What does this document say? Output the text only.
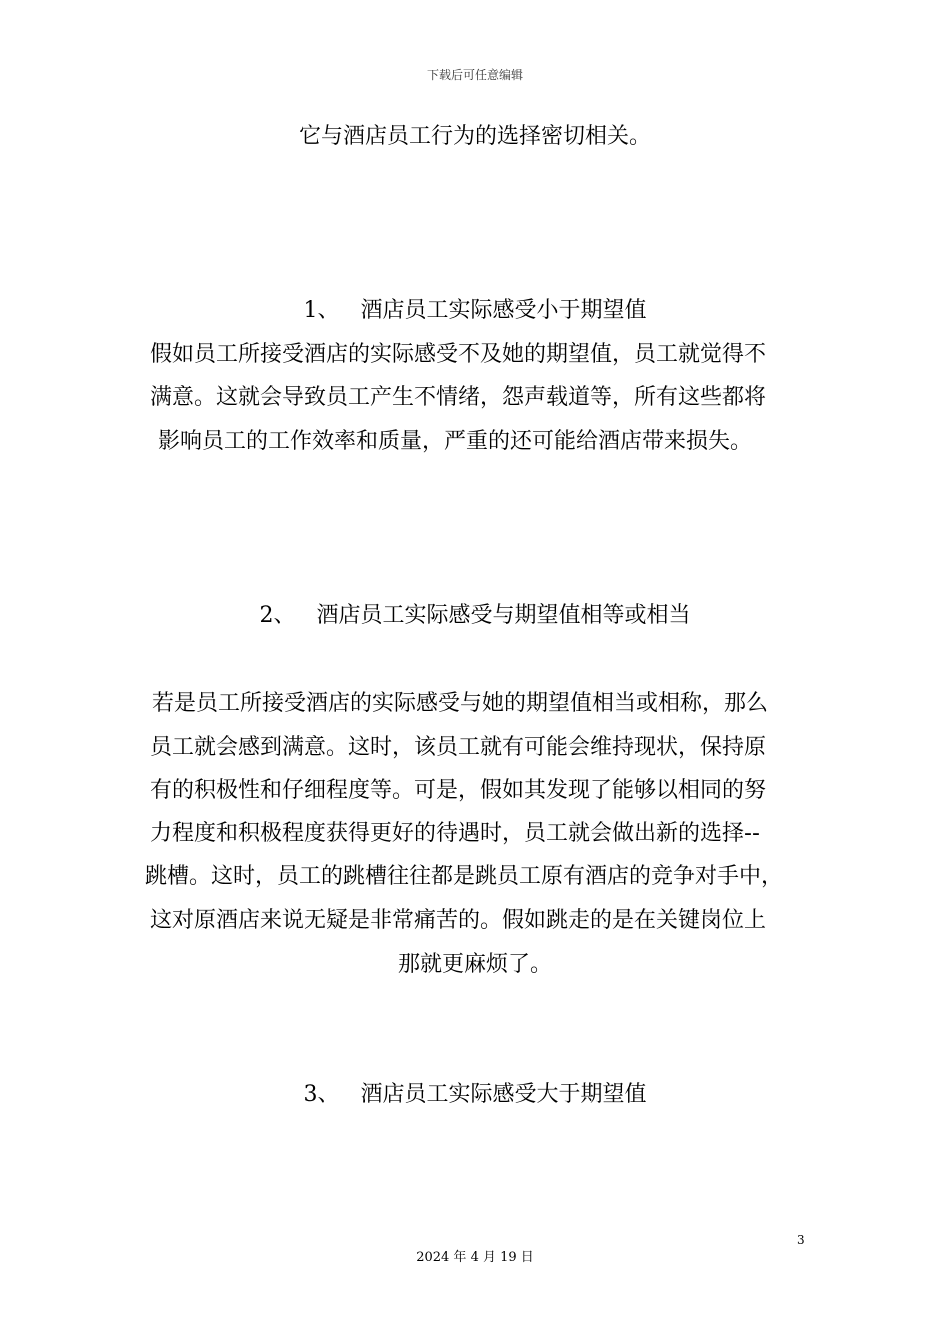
下载后可任意编辑
它与酒店员工行为的选择密切相关。
1、 酒店员工实际感受小于期望值
假如员工所接受酒店的实际感受不及她的期望值，员工就觉得不
满意。这就会导致员工产生不情绪，怨声载道等，所有这些都将
影响员工的工作效率和质量，严重的还可能给酒店带来损失。
2、 酒店员工实际感受与期望值相等或相当
若是员工所接受酒店的实际感受与她的期望值相当或相称，那么
员工就会感到满意。这时，该员工就有可能会维持现状，保持原
有的积极性和仔细程度等。可是，假如其发现了能够以相同的努
力程度和积极程度获得更好的待遇时，员工就会做出新的选择--
跳槽。这时，员工的跳槽往往都是跳员工原有酒店的竞争对手中，
这对原酒店来说无疑是非常痛苦的。假如跳走的是在关键岗位上
那就更麻烦了。
3、 酒店员工实际感受大于期望值
3
2024 年 4 月 19 日
